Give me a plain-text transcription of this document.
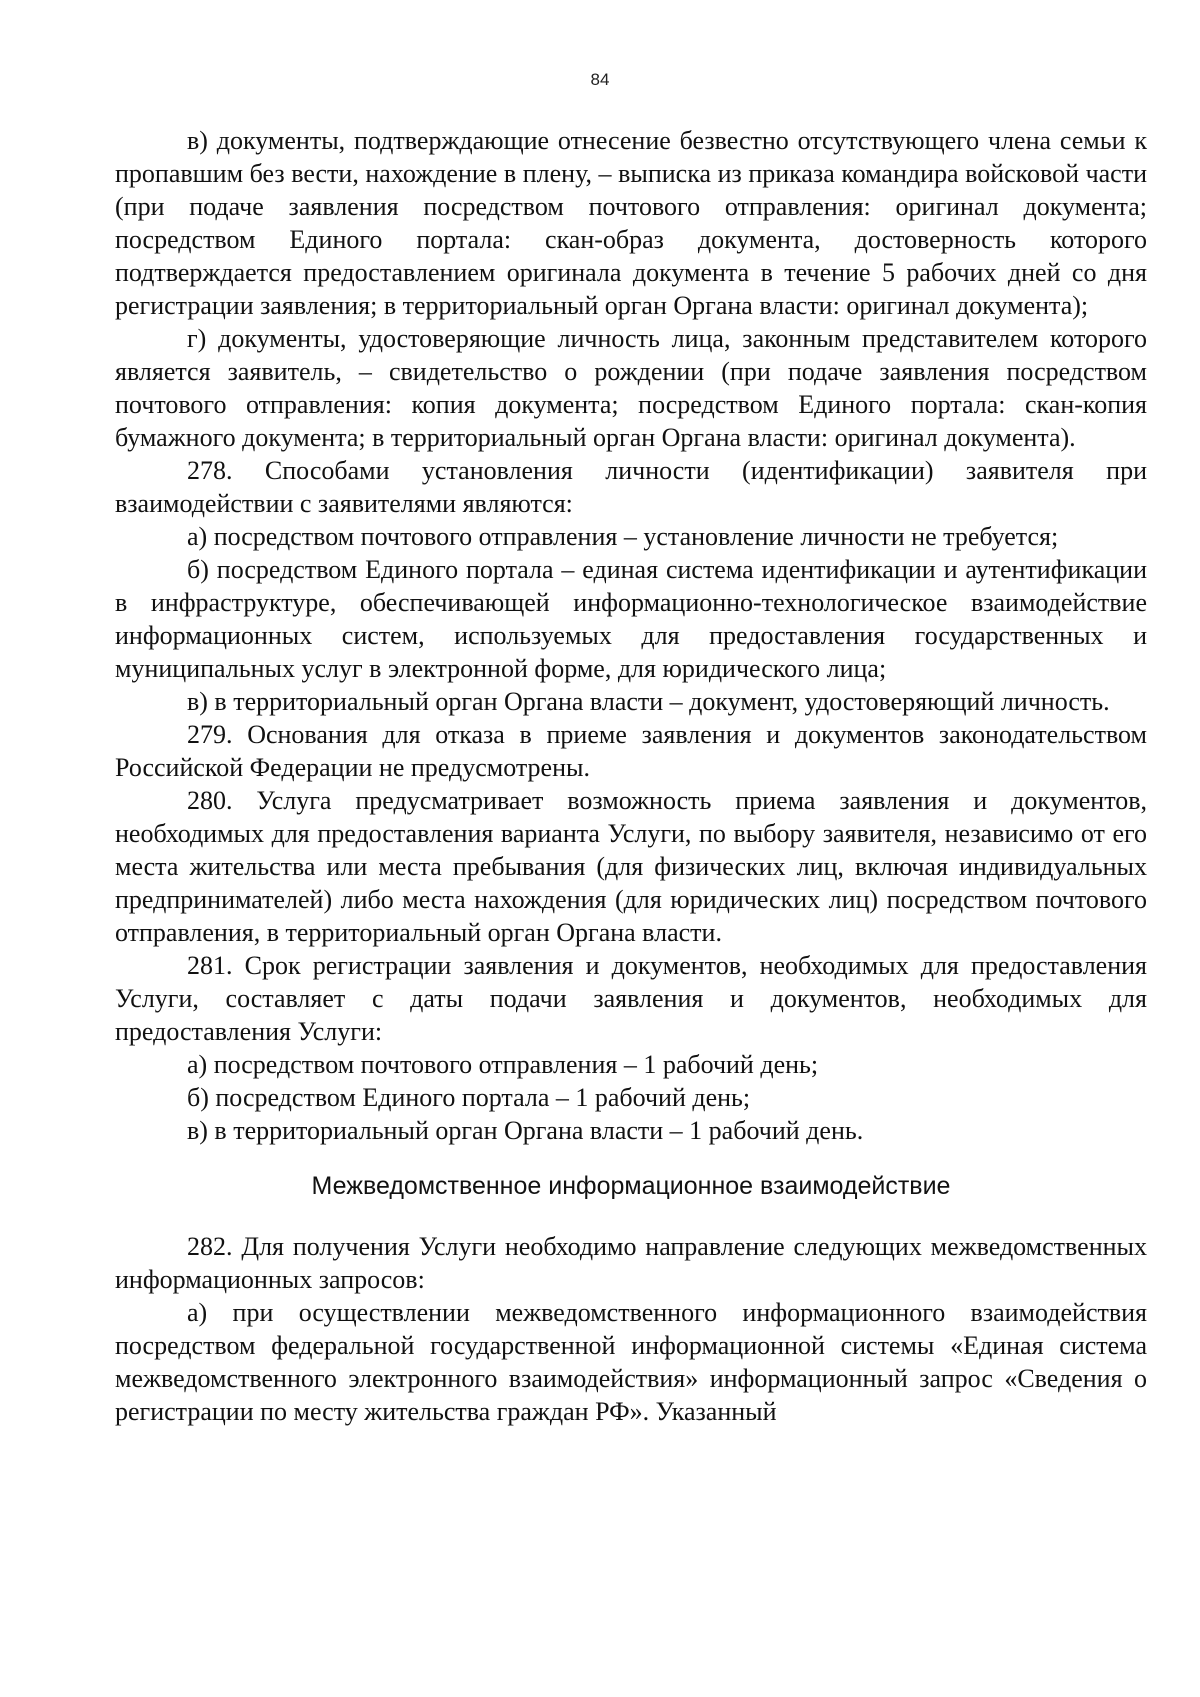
84

в) документы, подтверждающие отнесение безвестно отсутствующего члена семьи к пропавшим без вести, нахождение в плену, – выписка из приказа командира войсковой части (при подаче заявления посредством почтового отправления: оригинал документа; посредством Единого портала: скан-образ документа, достоверность которого подтверждается предоставлением оригинала документа в течение 5 рабочих дней со дня регистрации заявления; в территориальный орган Органа власти: оригинал документа);

г) документы, удостоверяющие личность лица, законным представителем которого является заявитель, – свидетельство о рождении (при подаче заявления посредством почтового отправления: копия документа; посредством Единого портала: скан-копия бумажного документа; в территориальный орган Органа власти: оригинал документа).

278. Способами установления личности (идентификации) заявителя при взаимодействии с заявителями являются:

а) посредством почтового отправления – установление личности не требуется;

б) посредством Единого портала – единая система идентификации и аутентификации в инфраструктуре, обеспечивающей информационно-технологическое взаимодействие информационных систем, используемых для предоставления государственных и муниципальных услуг в электронной форме, для юридического лица;

в) в территориальный орган Органа власти – документ, удостоверяющий личность.

279. Основания для отказа в приеме заявления и документов законодательством Российской Федерации не предусмотрены.

280. Услуга предусматривает возможность приема заявления и документов, необходимых для предоставления варианта Услуги, по выбору заявителя, независимо от его места жительства или места пребывания (для физических лиц, включая индивидуальных предпринимателей) либо места нахождения (для юридических лиц) посредством почтового отправления, в территориальный орган Органа власти.

281. Срок регистрации заявления и документов, необходимых для предоставления Услуги, составляет с даты подачи заявления и документов, необходимых для предоставления Услуги:

а) посредством почтового отправления – 1 рабочий день;

б) посредством Единого портала – 1 рабочий день;

в) в территориальный орган Органа власти – 1 рабочий день.

Межведомственное информационное взаимодействие

282. Для получения Услуги необходимо направление следующих межведомственных информационных запросов:

а) при осуществлении межведомственного информационного взаимодействия посредством федеральной государственной информационной системы «Единая система межведомственного электронного взаимодействия» информационный запрос «Сведения о регистрации по месту жительства граждан РФ». Указанный
